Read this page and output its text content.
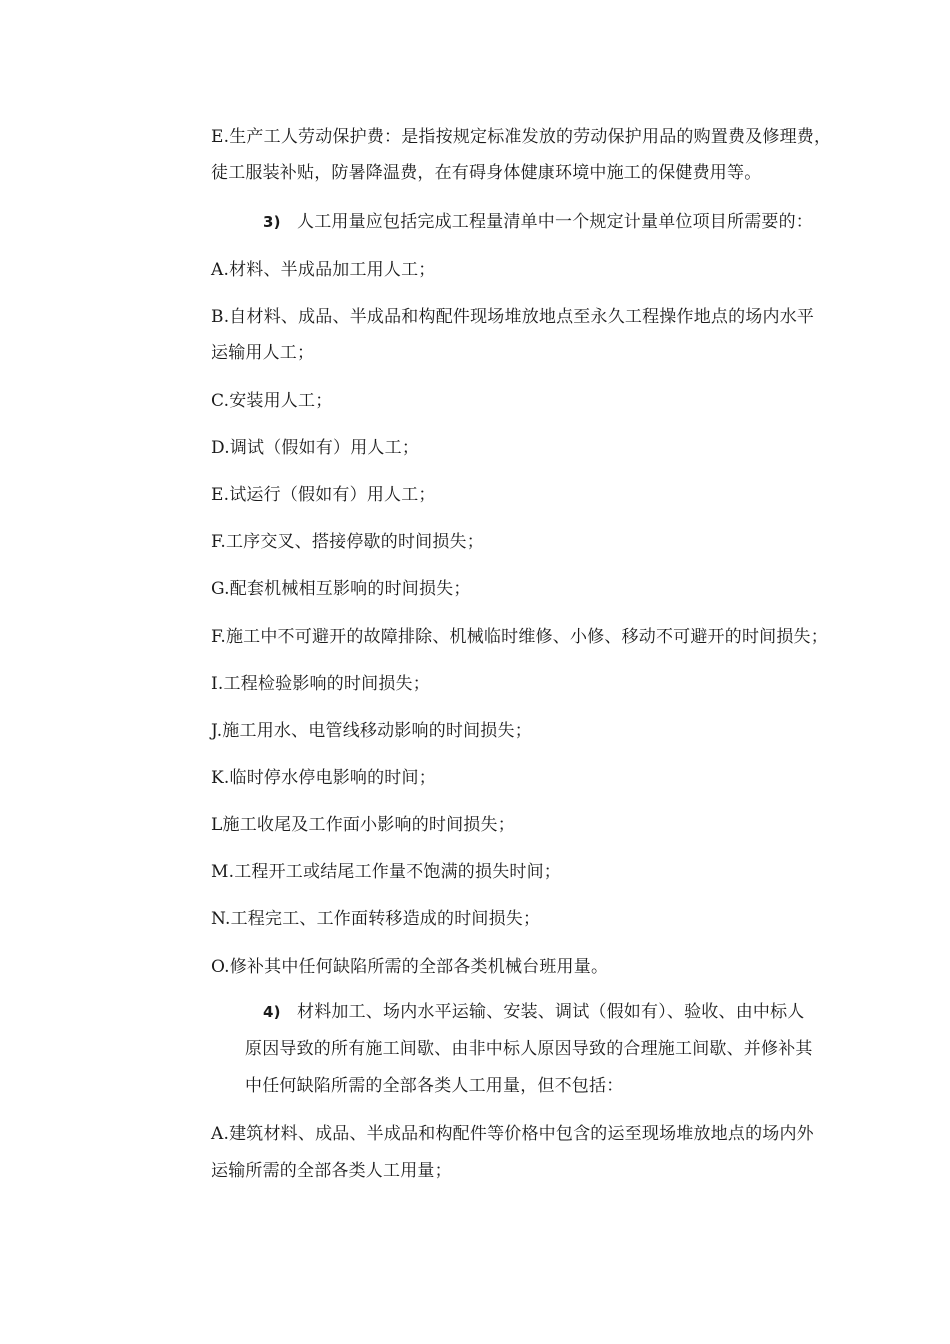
E.生产工人劳动保护费：是指按规定标准发放的劳动保护用品的购置费及修理费，
徒工服装补贴，防暑降温费，在有碍身体健康环境中施工的保健费用等。
3) 人工用量应包括完成工程量清单中一个规定计量单位项目所需要的：
A.材料、半成品加工用人工；
B.自材料、成品、半成品和构配件现场堆放地点至永久工程操作地点的场内水平
运输用人工；
C.安装用人工；
D.调试（假如有）用人工；
E.试运行（假如有）用人工；
F.工序交叉、搭接停歇的时间损失；
G.配套机械相互影响的时间损失；
F.施工中不可避开的故障排除、机械临时维修、小修、移动不可避开的时间损失；
I.工程检验影响的时间损失；
J.施工用水、电管线移动影响的时间损失；
K.临时停水停电影响的时间；
L施工收尾及工作面小影响的时间损失；
M.工程开工或结尾工作量不饱满的损失时间；
N.工程完工、工作面转移造成的时间损失；
O.修补其中任何缺陷所需的全部各类机械台班用量。
4) 材料加工、场内水平运输、安装、调试（假如有）、验收、由中标人
原因导致的所有施工间歇、由非中标人原因导致的合理施工间歇、并修补其
中任何缺陷所需的全部各类人工用量，但不包括：
A.建筑材料、成品、半成品和构配件等价格中包含的运至现场堆放地点的场内外
运输所需的全部各类人工用量；
